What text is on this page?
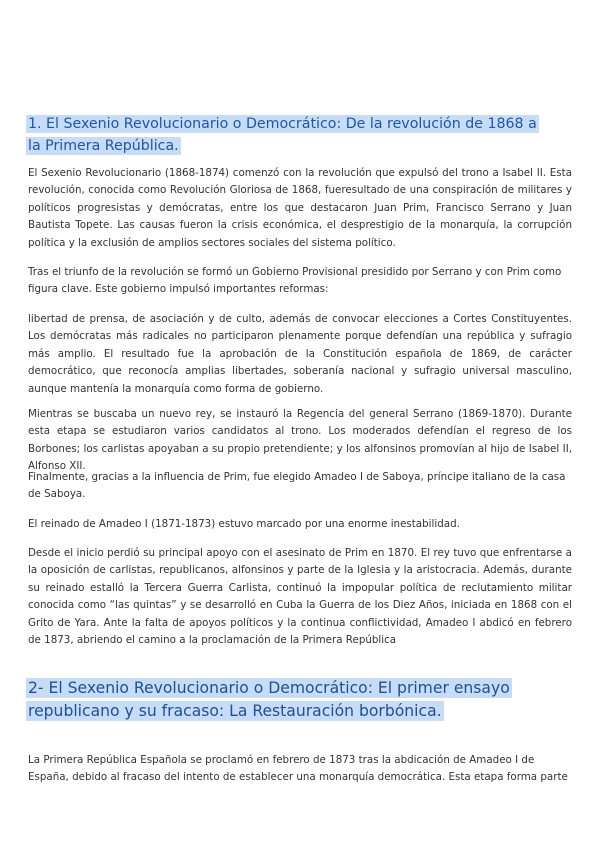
1. El Sexenio Revolucionario o Democrático: De la revolución de 1868 a la Primera República.

El Sexenio Revolucionario (1868-1874) comenzó con la revolución que expulsó del trono a Isabel II. Esta revolución, conocida como Revolución Gloriosa de 1868, fueresultado de una conspiración de militares y políticos progresistas y demócratas, entre los que destacaron Juan Prim, Francisco Serrano y Juan Bautista Topete. Las causas fueron la crisis económica, el desprestigio de la monarquía, la corrupción política y la exclusión de amplios sectores sociales del sistema político.

Tras el triunfo de la revolución se formó un Gobierno Provisional presidido por Serrano y con Prim como figura clave. Este gobierno impulsó importantes reformas:

libertad de prensa, de asociación y de culto, además de convocar elecciones a Cortes Constituyentes. Los demócratas más radicales no participaron plenamente porque defendían una república y sufragio más amplio. El resultado fue la aprobación de la Constitución española de 1869, de carácter democrático, que reconocía amplias libertades, soberanía nacional y sufragio universal masculino, aunque mantenía la monarquía como forma de gobierno.

Mientras se buscaba un nuevo rey, se instauró la Regencia del general Serrano (1869-1870). Durante esta etapa se estudiaron varios candidatos al trono. Los moderados defendían el regreso de los Borbones; los carlistas apoyaban a su propio pretendiente; y los alfonsinos promovían al hijo de Isabel II, Alfonso XII.

Finalmente, gracias a la influencia de Prim, fue elegido Amadeo I de Saboya, príncipe italiano de la casa de Saboya.

El reinado de Amadeo I (1871-1873) estuvo marcado por una enorme inestabilidad.

Desde el inicio perdió su principal apoyo con el asesinato de Prim en 1870. El rey tuvo que enfrentarse a la oposición de carlistas, republicanos, alfonsinos y parte de la Iglesia y la aristocracia. Además, durante su reinado estalló la Tercera Guerra Carlista, continuó la impopular política de reclutamiento militar conocida como “las quintas” y se desarrolló en Cuba la Guerra de los Diez Años, iniciada en 1868 con el Grito de Yara. Ante la falta de apoyos políticos y la continua conflictividad, Amadeo I abdicó en febrero de 1873, abriendo el camino a la proclamación de la Primera República

2- El Sexenio Revolucionario o Democrático: El primer ensayo republicano y su fracaso: La Restauración borbónica.

La Primera República Española se proclamó en febrero de 1873 tras la abdicación de Amadeo I de España, debido al fracaso del intento de establecer una monarquía democrática. Esta etapa forma parte
